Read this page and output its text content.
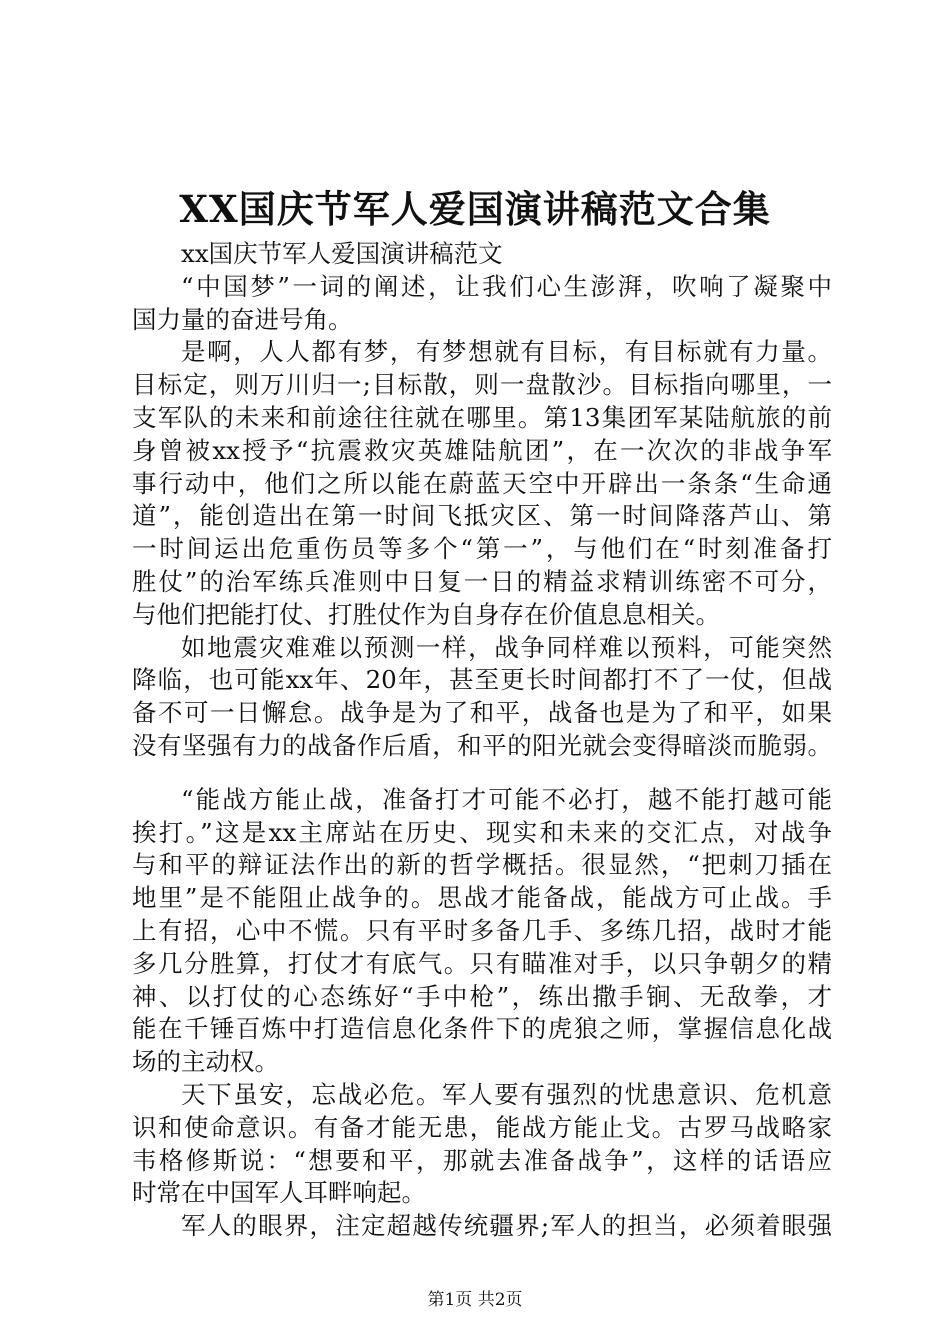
XX国庆节军人爱国演讲稿范文合集
xx国庆节军人爱国演讲稿范文
“中国梦”一词的阐述，让我们心生澎湃，吹响了凝聚中
国力量的奋进号角。
是啊，人人都有梦，有梦想就有目标，有目标就有力量。
目标定，则万川归一;目标散，则一盘散沙。目标指向哪里，一
支军队的未来和前途往往就在哪里。第13集团军某陆航旅的前
身曾被xx授予“抗震救灾英雄陆航团”，在一次次的非战争军
事行动中，他们之所以能在蔚蓝天空中开辟出一条条“生命通
道”，能创造出在第一时间飞抵灾区、第一时间降落芦山、第
一时间运出危重伤员等多个“第一”，与他们在“时刻准备打
胜仗”的治军练兵准则中日复一日的精益求精训练密不可分，
与他们把能打仗、打胜仗作为自身存在价值息息相关。
如地震灾难难以预测一样，战争同样难以预料，可能突然
降临，也可能xx年、20年，甚至更长时间都打不了一仗，但战
备不可一日懈怠。战争是为了和平，战备也是为了和平，如果
没有坚强有力的战备作后盾，和平的阳光就会变得暗淡而脆弱。
“能战方能止战，准备打才可能不必打，越不能打越可能
挨打。”这是xx主席站在历史、现实和未来的交汇点，对战争
与和平的辩证法作出的新的哲学概括。很显然，“把刺刀插在
地里”是不能阻止战争的。思战才能备战，能战方可止战。手
上有招，心中不慌。只有平时多备几手、多练几招，战时才能
多几分胜算，打仗才有底气。只有瞄准对手，以只争朝夕的精
神、以打仗的心态练好“手中枪”，练出撒手锏、无敌拳，才
能在千锤百炼中打造信息化条件下的虎狼之师，掌握信息化战
场的主动权。
天下虽安，忘战必危。军人要有强烈的忧患意识、危机意
识和使命意识。有备才能无患，能战方能止戈。古罗马战略家
韦格修斯说：“想要和平，那就去准备战争”，这样的话语应
时常在中国军人耳畔响起。
军人的眼界，注定超越传统疆界;军人的担当，必须着眼强
第1页 共2页
